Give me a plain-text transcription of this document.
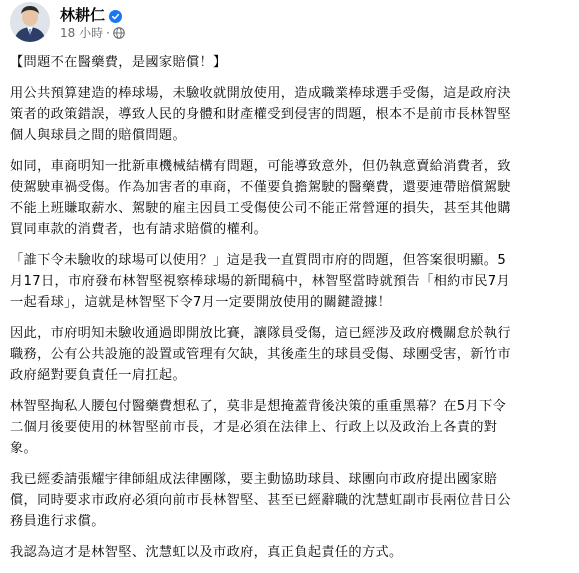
林耕仁
18 小時 ·

【問題不在醫藥費，是國家賠償！】

用公共預算建造的棒球場，未驗收就開放使用，造成職業棒球選手受傷，這是政府決
策者的政策錯誤，導致人民的身體和財產權受到侵害的問題，根本不是前市長林智堅
個人與球員之間的賠償問題。

如同，車商明知一批新車機械結構有問題，可能導致意外，但仍執意賣給消費者，致
使駕駛車禍受傷。作為加害者的車商，不僅要負擔駕駛的醫藥費，還要連帶賠償駕駛
不能上班賺取薪水、駕駛的雇主因員工受傷使公司不能正常營運的損失，甚至其他購
買同車款的消費者，也有請求賠償的權利。

「誰下令未驗收的球場可以使用？」這是我一直質問市府的問題，但答案很明顯。5
月17日，市府發布林智堅視察棒球場的新聞稿中，林智堅當時就預告「相約市民7月
一起看球」，這就是林智堅下令7月一定要開放使用的關鍵證據！

因此，市府明知未驗收通過即開放比賽，讓隊員受傷，這已經涉及政府機關怠於執行
職務，公有公共設施的設置或管理有欠缺，其後產生的球員受傷、球團受害，新竹市
政府絕對要負責任一肩扛起。

林智堅掏私人腰包付醫藥費想私了，莫非是想掩蓋背後決策的重重黑幕？在5月下令
二個月後要使用的林智堅前市長，才是必須在法律上、行政上以及政治上各責的對
象。

我已經委請張耀宇律師組成法律團隊，要主動協助球員、球團向市政府提出國家賠
償，同時要求市政府必須向前市長林智堅、甚至已經辭職的沈慧虹副市長兩位昔日公
務員進行求償。

我認為這才是林智堅、沈慧虹以及市政府，真正負起責任的方式。
